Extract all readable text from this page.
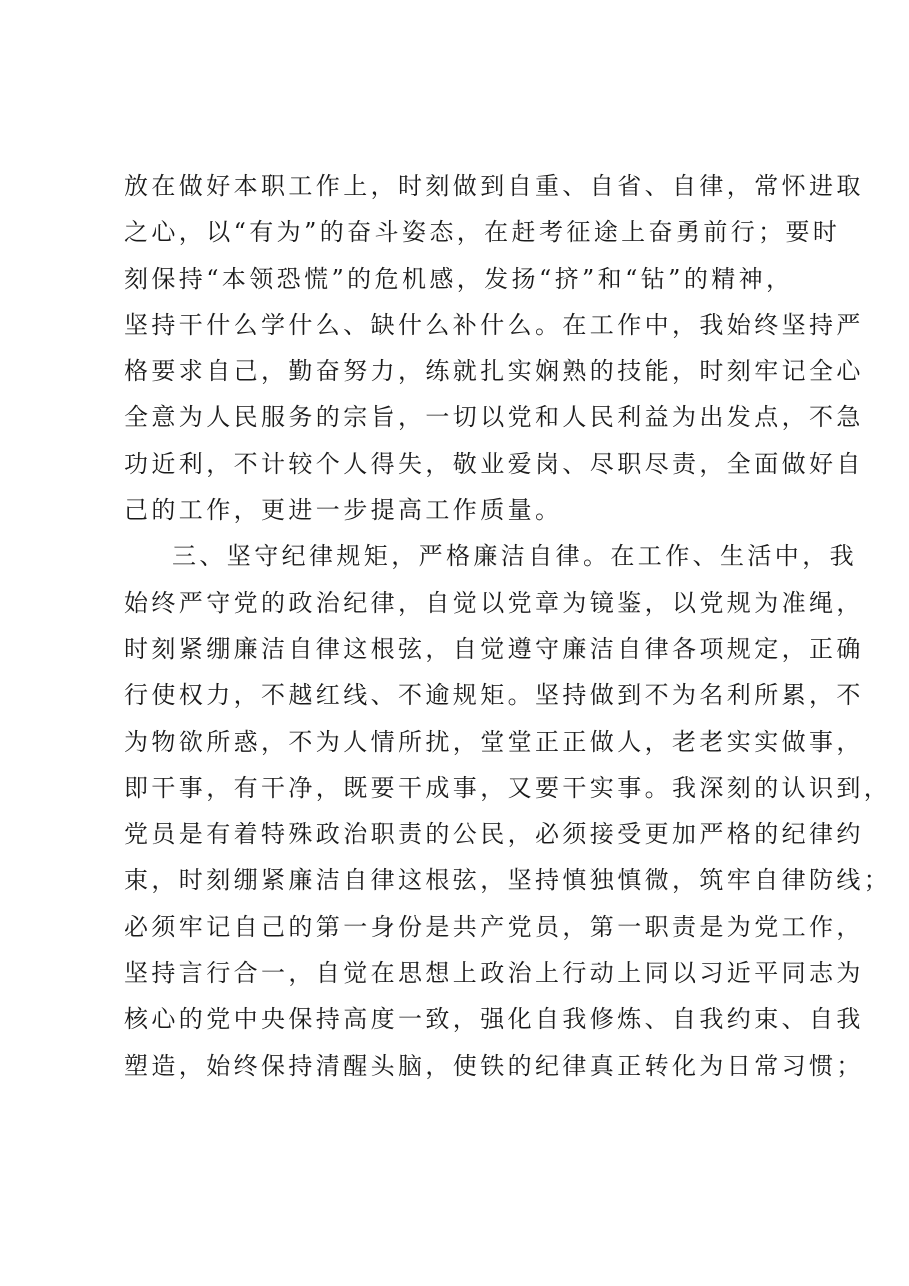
放在做好本职工作上，时刻做到自重、自省、自律，常怀进取
之心，以“有为”的奋斗姿态，在赶考征途上奋勇前行；要时
刻保持“本领恐慌”的危机感，发扬“挤”和“钻”的精神，
坚持干什么学什么、缺什么补什么。在工作中，我始终坚持严
格要求自己，勤奋努力，练就扎实娴熟的技能，时刻牢记全心
全意为人民服务的宗旨，一切以党和人民利益为出发点，不急
功近利，不计较个人得失，敬业爱岗、尽职尽责，全面做好自
己的工作，更进一步提高工作质量。
三、坚守纪律规矩，严格廉洁自律。在工作、生活中，我
始终严守党的政治纪律，自觉以党章为镜鉴，以党规为准绳，
时刻紧绷廉洁自律这根弦，自觉遵守廉洁自律各项规定，正确
行使权力，不越红线、不逾规矩。坚持做到不为名利所累，不
为物欲所惑，不为人情所扰，堂堂正正做人，老老实实做事，
即干事，有干净，既要干成事，又要干实事。我深刻的认识到，
党员是有着特殊政治职责的公民，必须接受更加严格的纪律约
束，时刻绷紧廉洁自律这根弦，坚持慎独慎微，筑牢自律防线；
必须牢记自己的第一身份是共产党员，第一职责是为党工作，
坚持言行合一，自觉在思想上政治上行动上同以习近平同志为
核心的党中央保持高度一致，强化自我修炼、自我约束、自我
塑造，始终保持清醒头脑，使铁的纪律真正转化为日常习惯；
